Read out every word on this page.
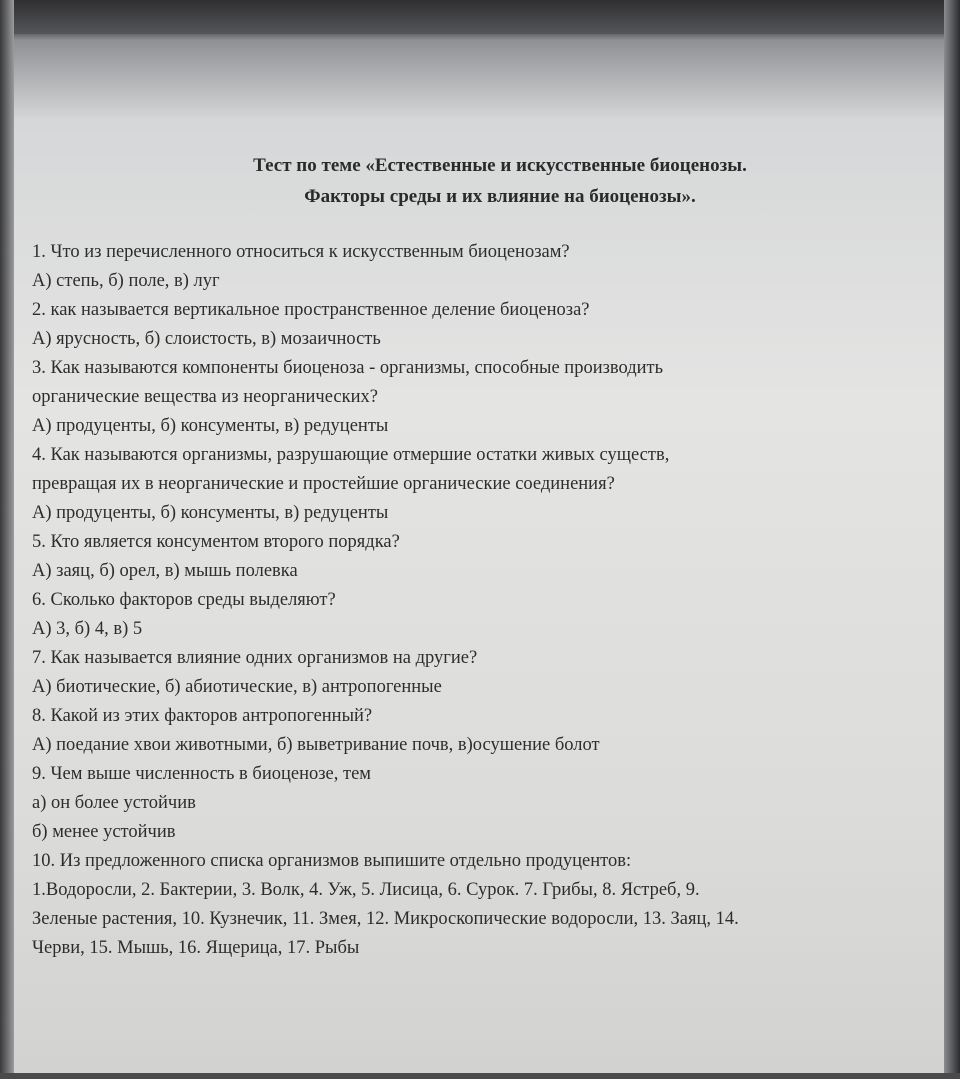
Тест по теме «Естественные и искусственные биоценозы.
Факторы среды и их влияние на биоценозы».
1. Что из перечисленного относиться к искусственным биоценозам?
А) степь, б) поле, в) луг
2. как называется вертикальное пространственное деление биоценоза?
А) ярусность, б) слоистость, в) мозаичность
3. Как называются компоненты биоценоза - организмы, способные производить
органические вещества из неорганических?
А) продуценты, б) консументы, в) редуценты
4. Как называются организмы, разрушающие отмершие остатки живых существ,
превращая их в неорганические и простейшие органические соединения?
А) продуценты, б) консументы, в) редуценты
5. Кто является консументом второго порядка?
А) заяц, б) орел, в) мышь полевка
6. Сколько факторов среды выделяют?
А) 3, б) 4, в) 5
7. Как называется влияние одних организмов на другие?
А) биотические, б) абиотические, в) антропогенные
8. Какой из этих факторов антропогенный?
А) поедание хвои животными, б) выветривание почв, в)осушение болот
9. Чем выше численность в биоценозе, тем
а) он более устойчив
б) менее устойчив
10. Из предложенного списка организмов выпишите отдельно продуцентов:
1.Водоросли, 2. Бактерии, 3. Волк, 4. Уж, 5. Лисица, 6. Сурок. 7. Грибы, 8. Ястреб, 9.
Зеленые растения, 10. Кузнечик, 11. Змея, 12. Микроскопические водоросли, 13. Заяц, 14.
Черви, 15. Мышь, 16. Ящерица, 17. Рыбы
